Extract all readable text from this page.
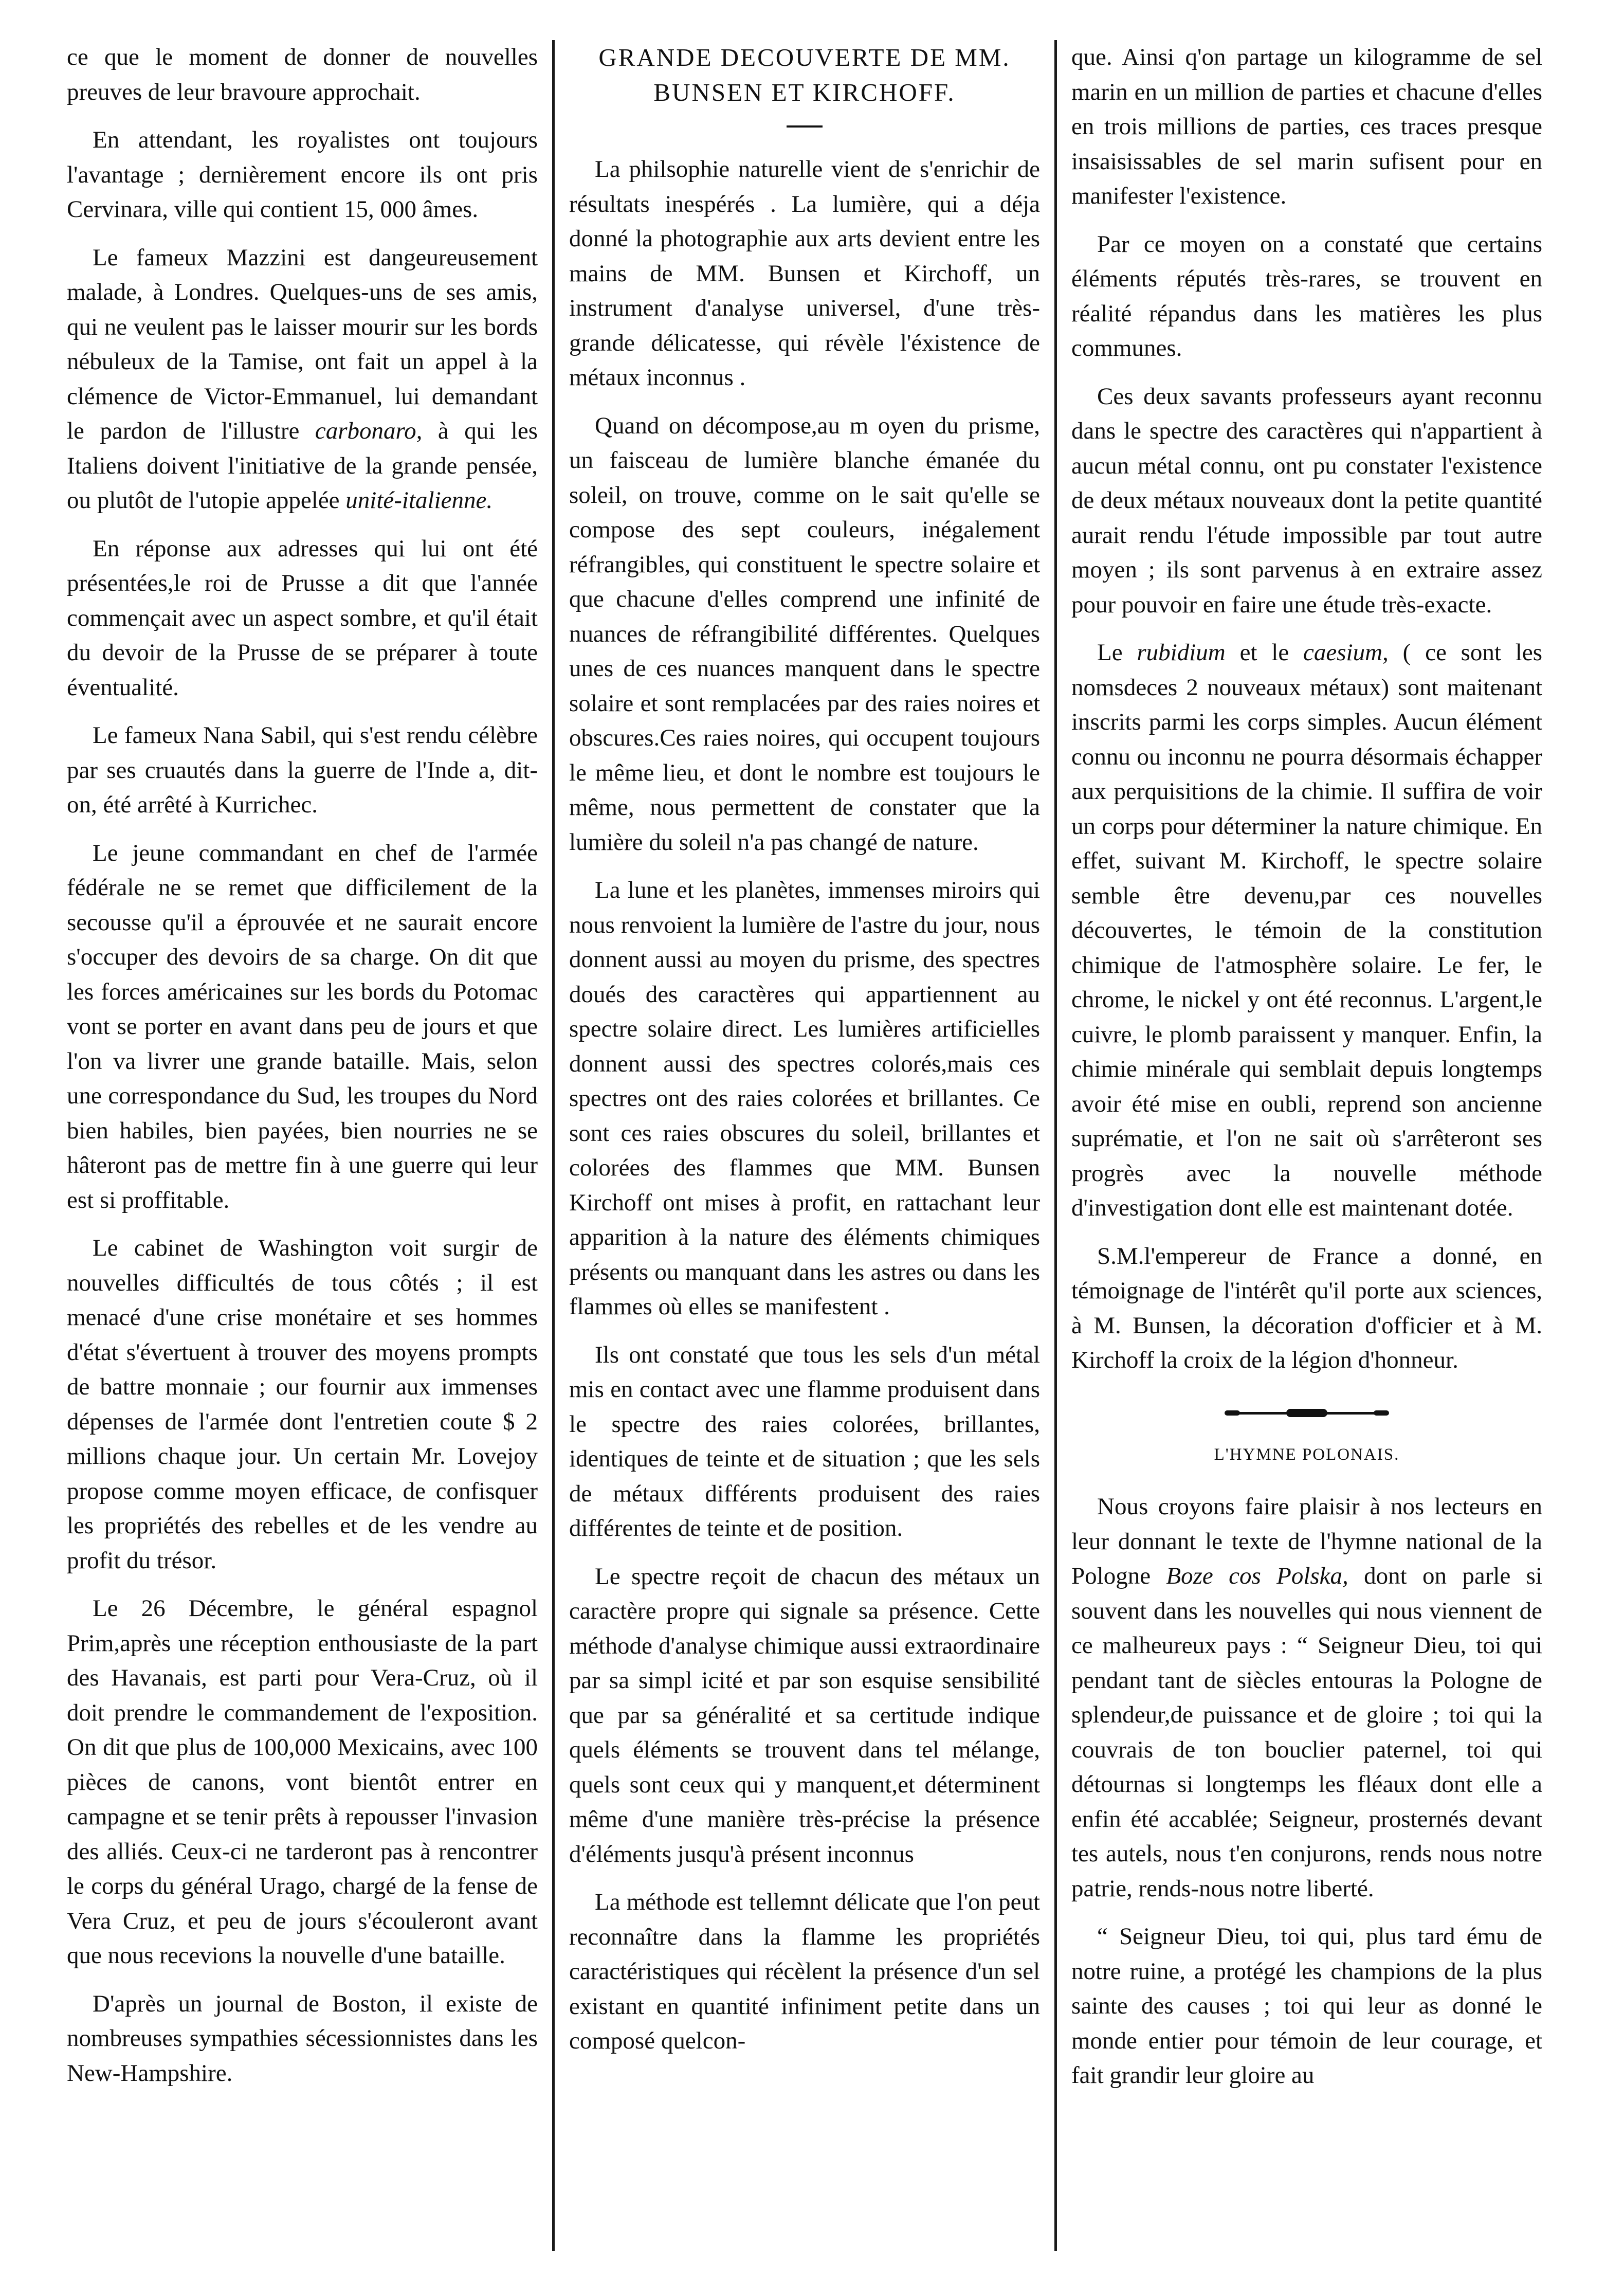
ce que le moment de donner de nouvelles preuves de leur bravoure approchait.

En attendant, les royalistes ont toujours l'avantage ; dernièrement encore ils ont pris Cervinara, ville qui contient 15, 000 âmes.

Le fameux Mazzini est dangeureusement malade, à Londres. Quelques-uns de ses amis, qui ne veulent pas le laisser mourir sur les bords nébuleux de la Tamise, ont fait un appel à la clémence de Victor-Emmanuel, lui demandant le pardon de l'illustre carbonaro, à qui les Italiens doivent l'initiative de la grande pensée, ou plutôt de l'utopie appelée unité-italienne.

En réponse aux adresses qui lui ont été présentées,le roi de Prusse a dit que l'année commençait avec un aspect sombre, et qu'il était du devoir de la Prusse de se préparer à toute éventualité.

Le fameux Nana Sabil, qui s'est rendu célèbre par ses cruautés dans la guerre de l'Inde a, dit-on, été arrêté à Kurrichec.

Le jeune commandant en chef de l'armée fédérale ne se remet que difficilement de la secousse qu'il a éprouvée et ne saurait encore s'occuper des devoirs de sa charge. On dit que les forces américaines sur les bords du Potomac vont se porter en avant dans peu de jours et que l'on va livrer une grande bataille. Mais, selon une correspondance du Sud, les troupes du Nord bien habiles, bien payées, bien nourries ne se hâteront pas de mettre fin à une guerre qui leur est si proffitable.

Le cabinet de Washington voit surgir de nouvelles difficultés de tous côtés ; il est menacé d'une crise monétaire et ses hommes d'état s'évertuent à trouver des moyens prompts de battre monnaie ; our fournir aux immenses dépenses de l'armée dont l'entretien coute $ 2 millions chaque jour. Un certain Mr. Lovejoy propose comme moyen efficace, de confisquer les propriétés des rebelles et de les vendre au profit du trésor.

Le 26 Décembre, le général espagnol Prim,après une réception enthousiaste de la part des Havanais, est parti pour Vera-Cruz, où il doit prendre le commandement de l'exposition. On dit que plus de 100,000 Mexicains, avec 100 pièces de canons, vont bientôt entrer en campagne et se tenir prêts à repousser l'invasion des alliés. Ceux-ci ne tarderont pas à rencontrer le corps du général Urago, chargé de la fense de Vera Cruz, et peu de jours s'écouleront avant que nous recevions la nouvelle d'une bataille.

D'après un journal de Boston, il existe de nombreuses sympathies sécessionnistes dans les New-Hampshire.

GRANDE DECOUVERTE DE MM. BUNSEN ET KIRCHOFF.

La philsophie naturelle vient de s'enrichir de résultats inespérés . La lumière, qui a déja donné la photographie aux arts devient entre les mains de MM. Bunsen et Kirchoff, un instrument d'analyse universel, d'une très-grande délicatesse, qui révèle l'éxistence de métaux inconnus .

Quand on décompose,au m oyen du prisme, un faisceau de lumière blanche émanée du soleil, on trouve, comme on le sait qu'elle se compose des sept couleurs, inégalement réfrangibles, qui constituent le spectre solaire et que chacune d'elles comprend une infinité de nuances de réfrangibilité différentes. Quelques unes de ces nuances manquent dans le spectre solaire et sont remplacées par des raies noires et obscures.Ces raies noires, qui occupent toujours le même lieu, et dont le nombre est toujours le même, nous permettent de constater que la lumière du soleil n'a pas changé de nature.

La lune et les planètes, immenses miroirs qui nous renvoient la lumière de l'astre du jour, nous donnent aussi au moyen du prisme, des spectres doués des caractères qui appartiennent au spectre solaire direct. Les lumières artificielles donnent aussi des spectres colorés,mais ces spectres ont des raies colorées et brillantes. Ce sont ces raies obscures du soleil, brillantes et colorées des flammes que MM. Bunsen Kirchoff ont mises à profit, en rattachant leur apparition à la nature des éléments chimiques présents ou manquant dans les astres ou dans les flammes où elles se manifestent .

Ils ont constaté que tous les sels d'un métal mis en contact avec une flamme produisent dans le spectre des raies colorées, brillantes, identiques de teinte et de situation ; que les sels de métaux différents produisent des raies différentes de teinte et de position.

Le spectre reçoit de chacun des métaux un caractère propre qui signale sa présence. Cette méthode d'analyse chimique aussi extraordinaire par sa simpl icité et par son esquise sensibilité que par sa généralité et sa certitude indique quels éléments se trouvent dans tel mélange, quels sont ceux qui y manquent,et déterminent même d'une manière très-précise la présence d'éléments jusqu'à présent inconnus

La méthode est tellemnt délicate que l'on peut reconnaître dans la flamme les propriétés caractéristiques qui récèlent la présence d'un sel existant en quantité infiniment petite dans un composé quelcon-

que. Ainsi q'on partage un kilogramme de sel marin en un million de parties et chacune d'elles en trois millions de parties, ces traces presque insaisissables de sel marin sufisent pour en manifester l'existence.

Par ce moyen on a constaté que certains éléments réputés très-rares, se trouvent en réalité répandus dans les matières les plus communes.

Ces deux savants professeurs ayant reconnu dans le spectre des caractères qui n'appartient à aucun métal connu, ont pu constater l'existence de deux métaux nouveaux dont la petite quantité aurait rendu l'étude impossible par tout autre moyen ; ils sont parvenus à en extraire assez pour pouvoir en faire une étude très-exacte.

Le rubidium et le caesium, ( ce sont les nomsdeces 2 nouveaux métaux) sont maitenant inscrits parmi les corps simples. Aucun élément connu ou inconnu ne pourra désormais échapper aux perquisitions de la chimie. Il suffira de voir un corps pour déterminer la nature chimique. En effet, suivant M. Kirchoff, le spectre solaire semble être devenu,par ces nouvelles découvertes, le témoin de la constitution chimique de l'atmosphère solaire. Le fer, le chrome, le nickel y ont été reconnus. L'argent,le cuivre, le plomb paraissent y manquer. Enfin, la chimie minérale qui semblait depuis longtemps avoir été mise en oubli, reprend son ancienne suprématie, et l'on ne sait où s'arrêteront ses progrès avec la nouvelle méthode d'investigation dont elle est maintenant dotée.

S.M.l'empereur de France a donné, en témoignage de l'intérêt qu'il porte aux sciences, à M. Bunsen, la décoration d'officier et à M. Kirchoff la croix de la légion d'honneur.

L'HYMNE POLONAIS.

Nous croyons faire plaisir à nos lecteurs en leur donnant le texte de l'hymne national de la Pologne Boze cos Polska, dont on parle si souvent dans les nouvelles qui nous viennent de ce malheureux pays : “ Seigneur Dieu, toi qui pendant tant de siècles entouras la Pologne de splendeur,de puissance et de gloire ; toi qui la couvrais de ton bouclier paternel, toi qui détournas si longtemps les fléaux dont elle a enfin été accablée; Seigneur, prosternés devant tes autels, nous t'en conjurons, rends nous notre patrie, rends-nous notre liberté.

“ Seigneur Dieu, toi qui, plus tard ému de notre ruine, a protégé les champions de la plus sainte des causes ; toi qui leur as donné le monde entier pour témoin de leur courage, et fait grandir leur gloire au
